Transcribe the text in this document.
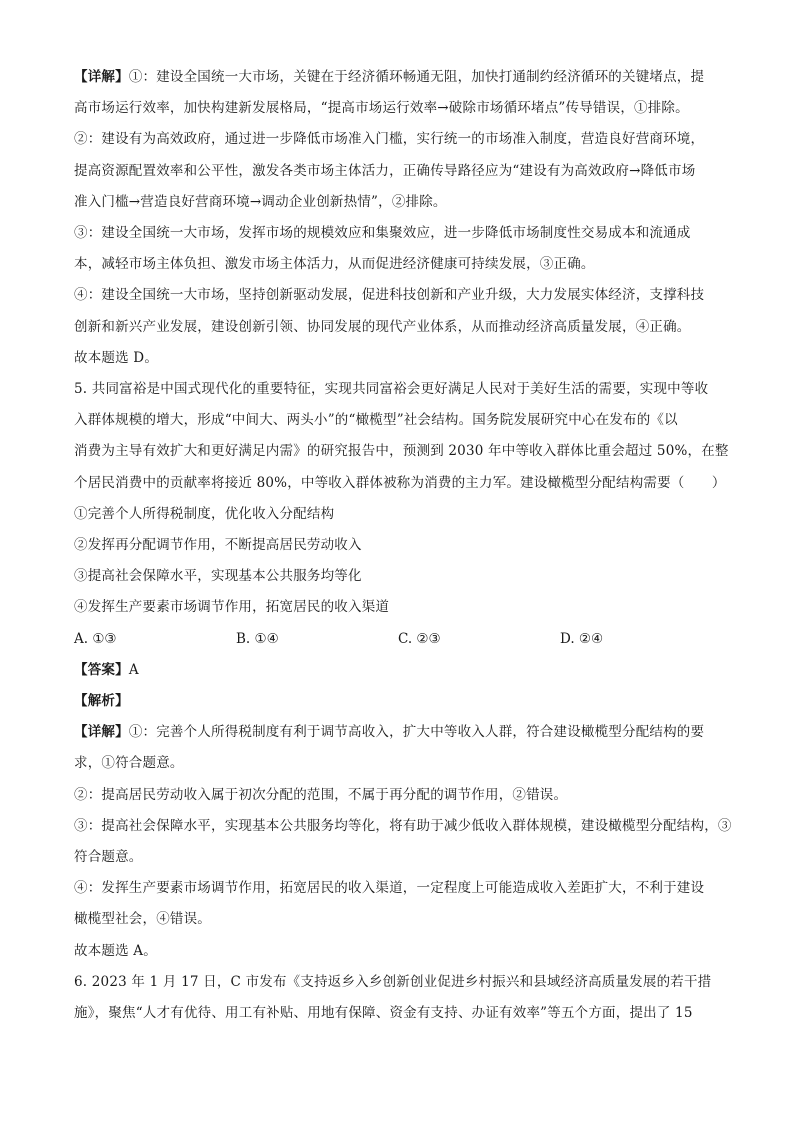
【详解】①：建设全国统一大市场，关键在于经济循环畅通无阻，加快打通制约经济循环的关键堵点，提
高市场运行效率，加快构建新发展格局，“提高市场运行效率→破除市场循环堵点”传导错误，①排除。
②：建设有为高效政府，通过进一步降低市场准入门槛，实行统一的市场准入制度，营造良好营商环境，
提高资源配置效率和公平性，激发各类市场主体活力，正确传导路径应为“建设有为高效政府→降低市场
准入门槛→营造良好营商环境→调动企业创新热情”，②排除。
③：建设全国统一大市场，发挥市场的规模效应和集聚效应，进一步降低市场制度性交易成本和流通成
本，减轻市场主体负担、激发市场主体活力，从而促进经济健康可持续发展，③正确。
④：建设全国统一大市场，坚持创新驱动发展，促进科技创新和产业升级，大力发展实体经济，支撑科技
创新和新兴产业发展，建设创新引领、协同发展的现代产业体系，从而推动经济高质量发展，④正确。
故本题选 D。
5. 共同富裕是中国式现代化的重要特征，实现共同富裕会更好满足人民对于美好生活的需要，实现中等收
入群体规模的增大，形成“中间大、两头小”的“橄榄型”社会结构。国务院发展研究中心在发布的《以
消费为主导有效扩大和更好满足内需》的研究报告中，预测到 2030 年中等收入群体比重会超过 50%，在整
个居民消费中的贡献率将接近 80%，中等收入群体被称为消费的主力军。建设橄榄型分配结构需要（　　）
①完善个人所得税制度，优化收入分配结构
②发挥再分配调节作用，不断提高居民劳动收入
③提高社会保障水平，实现基本公共服务均等化
④发挥生产要素市场调节作用，拓宽居民的收入渠道
A. ①③	B. ①④	C. ②③	D. ②④
【答案】A
【解析】
【详解】①：完善个人所得税制度有利于调节高收入，扩大中等收入人群，符合建设橄榄型分配结构的要
求，①符合题意。
②：提高居民劳动收入属于初次分配的范围，不属于再分配的调节作用，②错误。
③：提高社会保障水平，实现基本公共服务均等化，将有助于减少低收入群体规模，建设橄榄型分配结构，③
符合题意。
④：发挥生产要素市场调节作用，拓宽居民的收入渠道，一定程度上可能造成收入差距扩大，不利于建设
橄榄型社会，④错误。
故本题选 A。
6. 2023 年 1 月 17 日，C 市发布《支持返乡入乡创新创业促进乡村振兴和县域经济高质量发展的若干措
施》，聚焦“人才有优待、用工有补贴、用地有保障、资金有支持、办证有效率”等五个方面，提出了 15
